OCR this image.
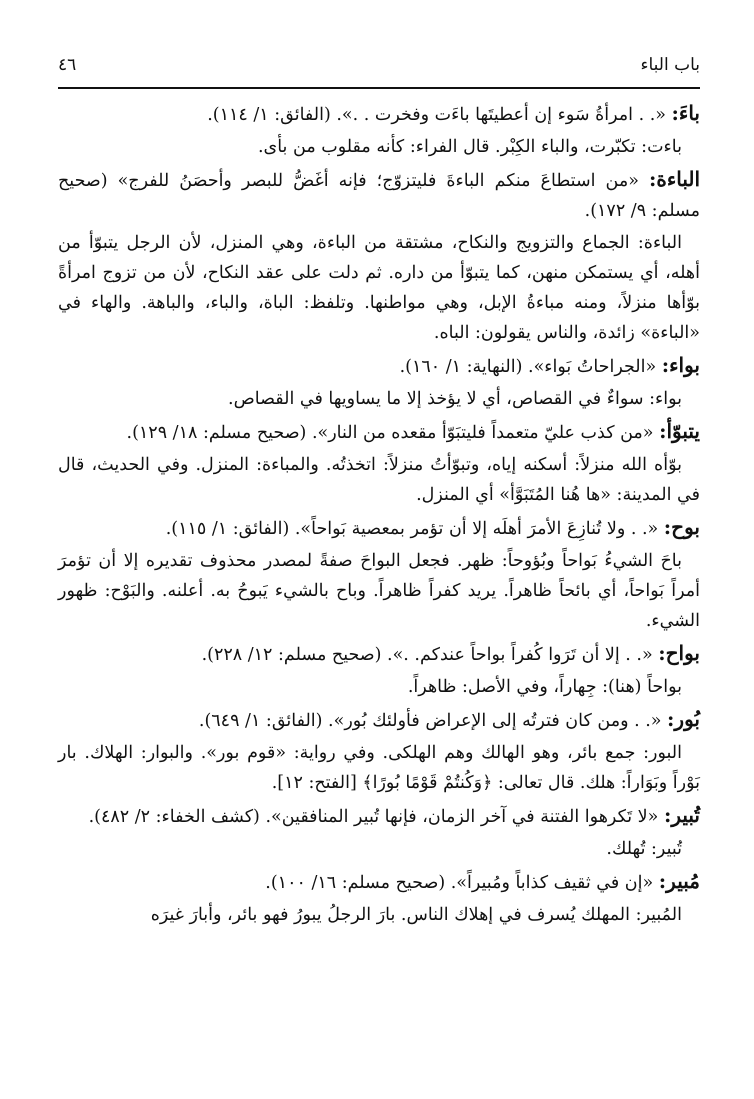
باب الباء
٤٦

باءَ: «. . امرأةُ سَوء إن أعطيتَها باءَت وفخرت . .». (الفائق: ١/ ١١٤).

باءت: تكبّرت، والباء الكِبْر. قال الفراء: كأنه مقلوب من بأى.

الباءة: «من استطاعَ منكم الباءةَ فليتزوّج؛ فإنه أغَضُّ للبصر وأحصَنُ للفرج» (صحيح مسلم: ٩/ ١٧٢).

الباءة: الجماع والتزويج والنكاح، مشتقة من الباءة، وهي المنزل، لأن الرجل يتبوّأ من أهله، أي يستمكن منهن، كما يتبوّأ من داره. ثم دلت على عقد النكاح، لأن من تزوج امرأةً بوّأها منزلاً، ومنه مباءةُ الإبل، وهي مواطنها. وتلفظ: الباة، والباء، والباهة. والهاء في «الباءة» زائدة، والناس يقولون: الباه.

بواء: «الجراحاتُ بَواء». (النهاية: ١/ ١٦٠).

بواء: سواءٌ في القصاص، أي لا يؤخذ إلا ما يساويها في القصاص.

يتبوّأ: «من كذب عليّ متعمداً فليتبَوّأ مقعده من النار». (صحيح مسلم: ١٨/ ١٢٩).

بوّأه الله منزلاً: أسكنه إياه، وتبوّأتُ منزلاً: اتخذتُه. والمباءة: المنزل. وفي الحديث، قال في المدينة: «ها هُنا المُتَبَوَّأ» أي المنزل.

بوح: «. . ولا تُنازِعَ الأمرَ أهلَه إلا أن تؤمر بمعصية بَواحاً». (الفائق: ١/ ١١٥).

باحَ الشيءُ بَواحاً وبُؤوحاً: ظهر. فجعل البواحَ صفةً لمصدر محذوف تقديره إلا أن تؤمرَ أمراً بَواحاً، أي بائحاً ظاهراً. يريد كفراً ظاهراً. وباح بالشيء يَبوحُ به. أعلنه. والبَوْح: ظهور الشيء.

بواح: «. . إلا أن تَرَوا كُفراً بواحاً عندكم. .». (صحيح مسلم: ١٢/ ٢٢٨).

بواحاً (هنا): جِهاراً، وفي الأصل: ظاهراً.

بُور: «. . ومن كان فترتُه إلى الإعراض فأولئك بُور». (الفائق: ١/ ٦٤٩).

البور: جمع بائر، وهو الهالك وهم الهلكى. وفي رواية: «قوم بور». والبوار: الهلاك. بار بَوْراً وبَوَاراً: هلك. قال تعالى: ﴿وَكُنتُمْ قَوْمًا بُورًا﴾ [الفتح: ١٢].

تُبير: «لا تَكرهوا الفتنة في آخر الزمان، فإنها تُبير المنافقين». (كشف الخفاء: ٢/ ٤٨٢).

تُبير: تُهلك.

مُبير: «إن في ثقيف كذاباً ومُبيراً». (صحيح مسلم: ١٦/ ١٠٠).

المُبير: المهلك يُسرف في إهلاك الناس. بارَ الرجلُ يبورُ فهو بائر، وأبارَ غيرَه
